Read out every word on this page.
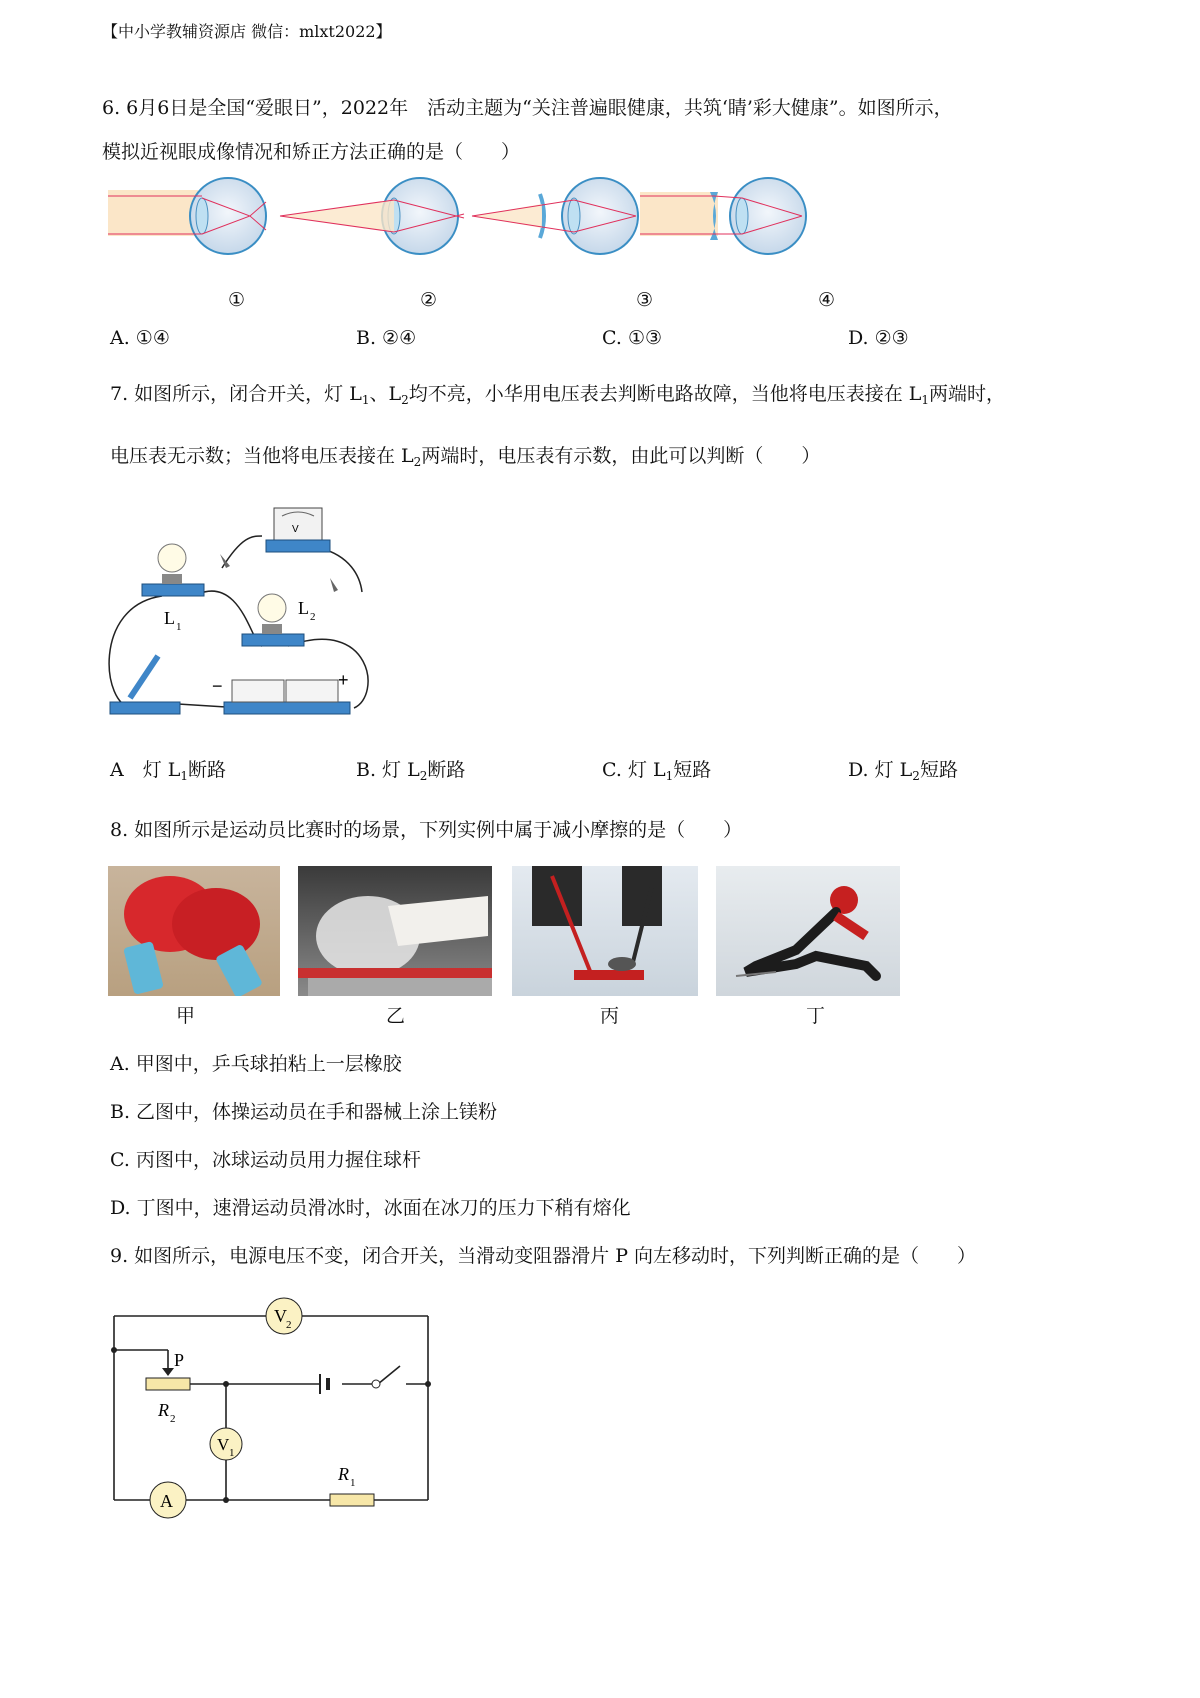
【中小学教辅资源店 微信：mlxt2022】
6. 6月6日是全国“爱眼日”，2022年　活动主题为“关注普遍眼健康，共筑‘睛’彩大健康”。如图所示，
模拟近视眼成像情况和矫正方法正确的是（　　）
①	②	③	④
A. ①④	B. ②④	C. ①③	D. ②③
7. 如图所示，闭合开关，灯 $L_1$、$L_2$均不亮，小华用电压表去判断电路故障，当他将电压表接在 $L_1$两端时，
电压表无示数；当他将电压表接在 $L_2$两端时，电压表有示数，由此可以判断（　　）
V
L 1
L 2
−	+
A　灯 $L_1$断路	B. 灯 $L_2$断路	C. 灯 $L_1$短路	D. 灯 $L_2$短路
8. 如图所示是运动员比赛时的场景，下列实例中属于减小摩擦的是（　　）
甲	乙	丙	丁
A. 甲图中，乒乓球拍粘上一层橡胶
B. 乙图中，体操运动员在手和器械上涂上镁粉
C. 丙图中，冰球运动员用力握住球杆
D. 丁图中，速滑运动员滑冰时，冰面在冰刀的压力下稍有熔化
9. 如图所示，电源电压不变，闭合开关，当滑动变阻器滑片 P 向左移动时，下列判断正确的是（　　）
V 2
V 1
A
P
R 2
R 1
